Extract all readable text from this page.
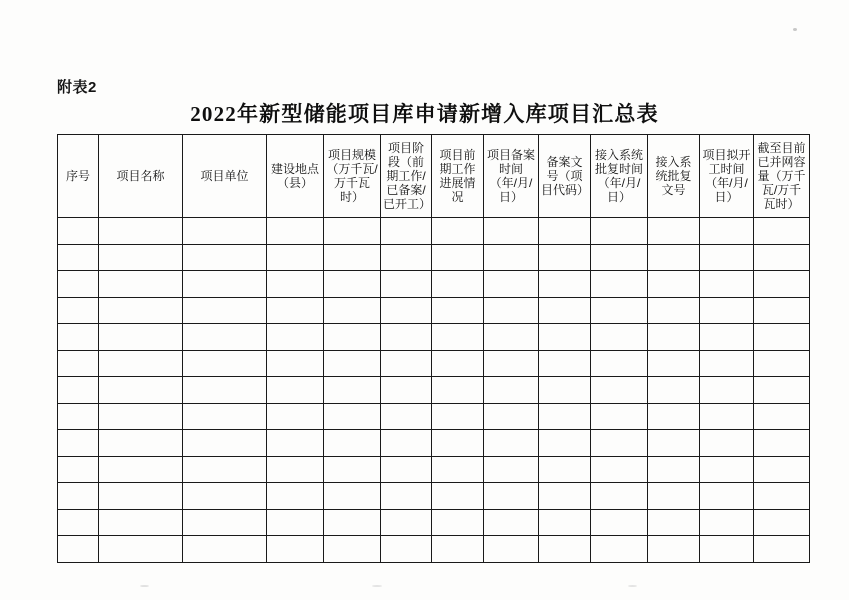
附表2
2022年新型储能项目库申请新增入库项目汇总表
序号	项目名称	项目单位	建设地点（县）	项目规模（万千瓦/万千瓦时）	项目阶段（前期工作/已备案/已开工）	项目前期工作进展情况	项目备案时间（年/月/日）	备案文号（项目代码）	接入系统批复时间（年/月/日）	接入系统批复文号	项目拟开工时间（年/月/日）	截至目前已并网容量（万千瓦/万千瓦时）
